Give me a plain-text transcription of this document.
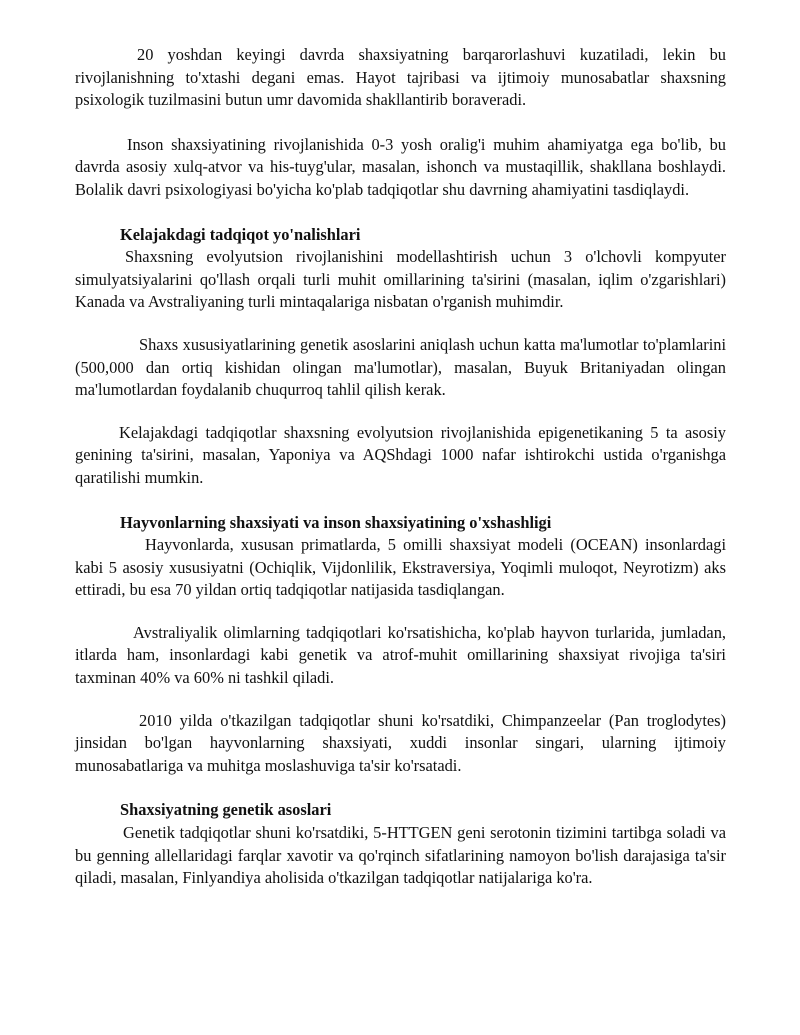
20 yoshdan keyingi davrda shaxsiyatning barqarorlashuvi kuzatiladi, lekin bu rivojlanishning to'xtashi degani emas. Hayot tajribasi va ijtimoiy munosabatlar shaxsning psixologik tuzilmasini butun umr davomida shakllantirib boraveradi.

Inson shaxsiyatining rivojlanishida 0-3 yosh oralig'i muhim ahamiyatga ega bo'lib, bu davrda asosiy xulq-atvor va his-tuyg'ular, masalan, ishonch va mustaqillik, shakllana boshlaydi. Bolalik davri psixologiyasi bo'yicha ko'plab tadqiqotlar shu davrning ahamiyatini tasdiqlaydi.

Kelajakdagi tadqiqot yo'nalishlari

Shaxsning evolyutsion rivojlanishini modellashtirish uchun 3 o'lchovli kompyuter simulyatsiyalarini qo'llash orqali turli muhit omillarining ta'sirini (masalan, iqlim o'zgarishlari) Kanada va Avstraliyaning turli mintaqalariga nisbatan o'rganish muhimdir.

Shaxs xususiyatlarining genetik asoslarini aniqlash uchun katta ma'lumotlar to'plamlarini (500,000 dan ortiq kishidan olingan ma'lumotlar), masalan, Buyuk Britaniyadan olingan ma'lumotlardan foydalanib chuqurroq tahlil qilish kerak.

Kelajakdagi tadqiqotlar shaxsning evolyutsion rivojlanishida epigenetikaning 5 ta asosiy genining ta'sirini, masalan, Yaponiya va AQShdagi 1000 nafar ishtirokchi ustida o'rganishga qaratilishi mumkin.

Hayvonlarning shaxsiyati va inson shaxsiyatining o'xshashligi

Hayvonlarda, xususan primatlarda, 5 omilli shaxsiyat modeli (OCEAN) insonlardagi kabi 5 asosiy xususiyatni (Ochiqlik, Vijdonlilik, Ekstraversiya, Yoqimli muloqot, Neyrotizm) aks ettiradi, bu esa 70 yildan ortiq tadqiqotlar natijasida tasdiqlangan.

Avstraliyalik olimlarning tadqiqotlari ko'rsatishicha, ko'plab hayvon turlarida, jumladan, itlarda ham, insonlardagi kabi genetik va atrof-muhit omillarining shaxsiyat rivojiga ta'siri taxminan 40% va 60% ni tashkil qiladi.

2010 yilda o'tkazilgan tadqiqotlar shuni ko'rsatdiki, Chimpanzeelar (Pan troglodytes) jinsidan bo'lgan hayvonlarning shaxsiyati, xuddi insonlar singari, ularning ijtimoiy munosabatlariga va muhitga moslashuviga ta'sir ko'rsatadi.

Shaxsiyatning genetik asoslari

Genetik tadqiqotlar shuni ko'rsatdiki, 5-HTTGEN geni serotonin tizimini tartibga soladi va bu genning allellaridagi farqlar xavotir va qo'rqinch sifatlarining namoyon bo'lish darajasiga ta'sir qiladi, masalan, Finlyandiya aholisida o'tkazilgan tadqiqotlar natijalariga ko'ra.
